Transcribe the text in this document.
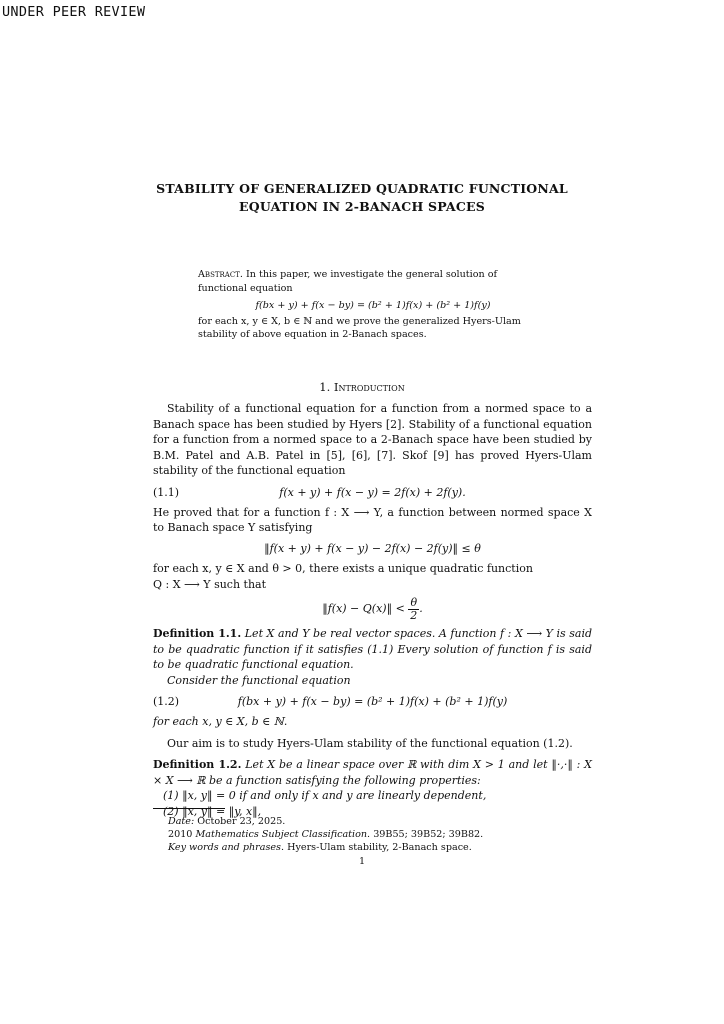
UNDER PEER REVIEW
STABILITY OF GENERALIZED QUADRATIC FUNCTIONAL
EQUATION IN 2-BANACH SPACES

Abstract. In this paper, we investigate the general solution of functional equation

f(bx + y) + f(x − by) = (b² + 1)f(x) + (b² + 1)f(y)

for each x, y ∈ X, b ∈ ℕ and we prove the generalized Hyers-Ulam stability of above equation in 2-Banach spaces.

1. Introduction

Stability of a functional equation for a function from a normed space to a Banach space has been studied by Hyers [2]. Stability of a functional equation for a function from a normed space to a 2-Banach space have been studied by B.M. Patel and A.B. Patel in [5], [6], [7]. Skof [9] has proved Hyers-Ulam stability of the functional equation

(1.1)	f(x + y) + f(x − y) = 2f(x) + 2f(y).

He proved that for a function f : X ⟶ Y, a function between normed space X to Banach space Y satisfying

‖f(x + y) + f(x − y) − 2f(x) − 2f(y)‖ ≤ θ

for each x, y ∈ X and θ > 0, there exists a unique quadratic function

Q : X ⟶ Y such that

‖f(x) − Q(x)‖ < $\frac{\theta}{2}$ .

Definition 1.1. Let X and Y be real vector spaces. A function f : X ⟶ Y is said to be quadratic function if it satisfies (1.1) Every solution of function f is said to be quadratic functional equation.

Consider the functional equation

(1.2)	f(bx + y) + f(x − by) = (b² + 1)f(x) + (b² + 1)f(y)

for each x, y ∈ X, b ∈ ℕ.

Our aim is to study Hyers-Ulam stability of the functional equation (1.2).

Definition 1.2. Let X be a linear space over ℝ with dim X > 1 and let ‖·,·‖ : X × X ⟶ ℝ be a function satisfying the following properties:

(1) ‖x, y‖ = 0 if and only if x and y are linearly dependent,

(2) ‖x, y‖ = ‖y, x‖,

Date: October 23, 2025.
2010 Mathematics Subject Classification. 39B55; 39B52; 39B82.
Key words and phrases. Hyers-Ulam stability, 2-Banach space.
1
